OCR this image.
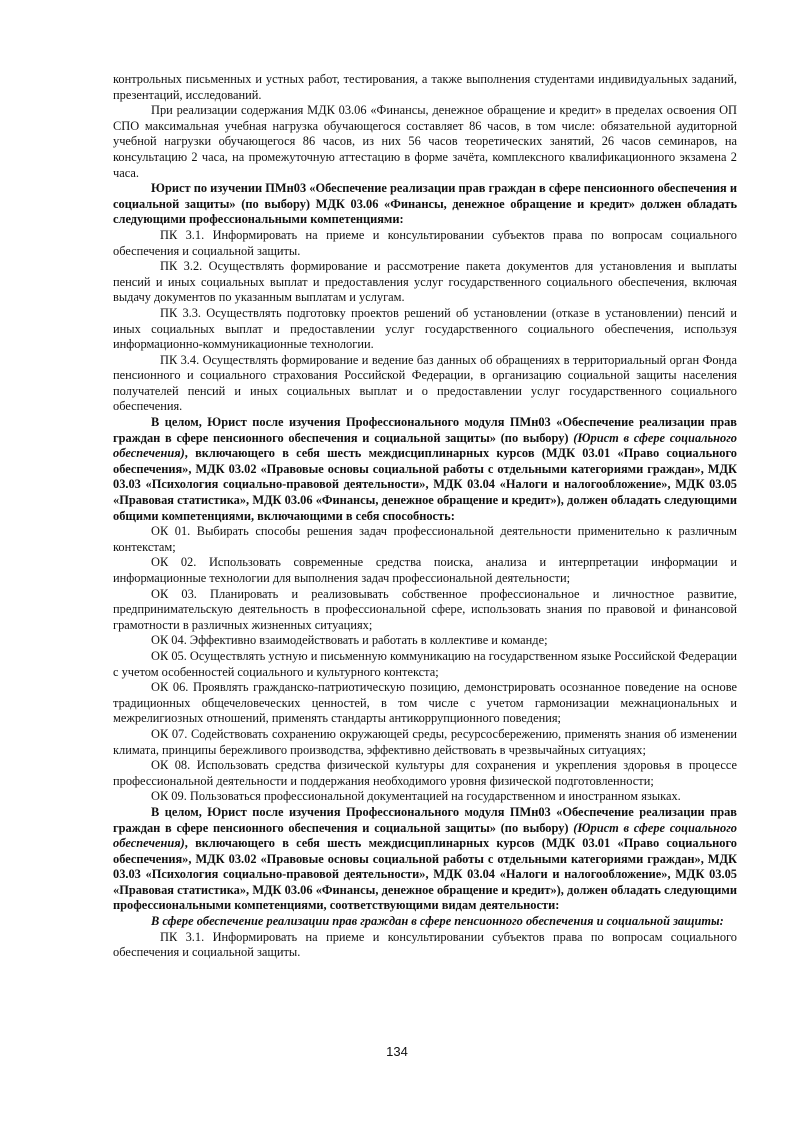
контрольных письменных и устных работ, тестирования, а также выполнения студентами индивидуальных заданий, презентаций, исследований.

При реализации содержания МДК 03.06 «Финансы, денежное обращение и кредит» в пределах освоения ОП СПО максимальная учебная нагрузка обучающегося составляет 86 часов, в том числе: обязательной аудиторной учебной нагрузки обучающегося 86 часов, из них 56 часов теоретических занятий, 26 часов семинаров, на консультацию 2 часа, на промежуточную аттестацию в форме зачёта, комплексного квалификационного экзамена 2 часа.

Юрист по изучении ПМн03 «Обеспечение реализации прав граждан в сфере пенсионного обеспечения и социальной защиты» (по выбору) МДК 03.06 «Финансы, денежное обращение и кредит» должен обладать следующими профессиональными компетенциями:

ПК 3.1. Информировать на приеме и консультировании субъектов права по вопросам социального обеспечения и социальной защиты.

ПК 3.2. Осуществлять формирование и рассмотрение пакета документов для установления и выплаты пенсий и иных социальных выплат и предоставления услуг государственного социального обеспечения, включая выдачу документов по указанным выплатам и услугам.

ПК 3.3. Осуществлять подготовку проектов решений об установлении (отказе в установлении) пенсий и иных социальных выплат и предоставлении услуг государственного социального обеспечения, используя информационно-коммуникационные технологии.

ПК 3.4. Осуществлять формирование и ведение баз данных об обращениях в территориальный орган Фонда пенсионного и социального страхования Российской Федерации, в организацию социальной защиты населения получателей пенсий и иных социальных выплат и о предоставлении услуг государственного социального обеспечения.

В целом, Юрист после изучения Профессионального модуля ПМн03 «Обеспечение реализации прав граждан в сфере пенсионного обеспечения и социальной защиты» (по выбору) (Юрист в сфере социального обеспечения), включающего в себя шесть междисциплинарных курсов (МДК 03.01 «Право социального обеспечения», МДК 03.02 «Правовые основы социальной работы с отдельными категориями граждан», МДК 03.03 «Психология социально-правовой деятельности», МДК 03.04 «Налоги и налогообложение», МДК 03.05 «Правовая статистика», МДК 03.06 «Финансы, денежное обращение и кредит»), должен обладать следующими общими компетенциями, включающими в себя способность:

ОК 01. Выбирать способы решения задач профессиональной деятельности применительно к различным контекстам;

ОК 02. Использовать современные средства поиска, анализа и интерпретации информации и информационные технологии для выполнения задач профессиональной деятельности;

ОК 03. Планировать и реализовывать собственное профессиональное и личностное развитие, предпринимательскую деятельность в профессиональной сфере, использовать знания по правовой и финансовой грамотности в различных жизненных ситуациях;

ОК 04. Эффективно взаимодействовать и работать в коллективе и команде;

ОК 05. Осуществлять устную и письменную коммуникацию на государственном языке Российской Федерации с учетом особенностей социального и культурного контекста;

ОК 06. Проявлять гражданско-патриотическую позицию, демонстрировать осознанное поведение на основе традиционных общечеловеческих ценностей, в том числе с учетом гармонизации межнациональных и межрелигиозных отношений, применять стандарты антикоррупционного поведения;

ОК 07. Содействовать сохранению окружающей среды, ресурсосбережению, применять знания об изменении климата, принципы бережливого производства, эффективно действовать в чрезвычайных ситуациях;

ОК 08. Использовать средства физической культуры для сохранения и укрепления здоровья в процессе профессиональной деятельности и поддержания необходимого уровня физической подготовленности;

ОК 09. Пользоваться профессиональной документацией на государственном и иностранном языках.

В целом, Юрист после изучения Профессионального модуля ПМн03 «Обеспечение реализации прав граждан в сфере пенсионного обеспечения и социальной защиты» (по выбору) (Юрист в сфере социального обеспечения), включающего в себя шесть междисциплинарных курсов (МДК 03.01 «Право социального обеспечения», МДК 03.02 «Правовые основы социальной работы с отдельными категориями граждан», МДК 03.03 «Психология социально-правовой деятельности», МДК 03.04 «Налоги и налогообложение», МДК 03.05 «Правовая статистика», МДК 03.06 «Финансы, денежное обращение и кредит»), должен обладать следующими профессиональными компетенциями, соответствующими видам деятельности:

В сфере обеспечение реализации прав граждан в сфере пенсионного обеспечения и социальной защиты:

ПК 3.1. Информировать на приеме и консультировании субъектов права по вопросам социального обеспечения и социальной защиты.

134
